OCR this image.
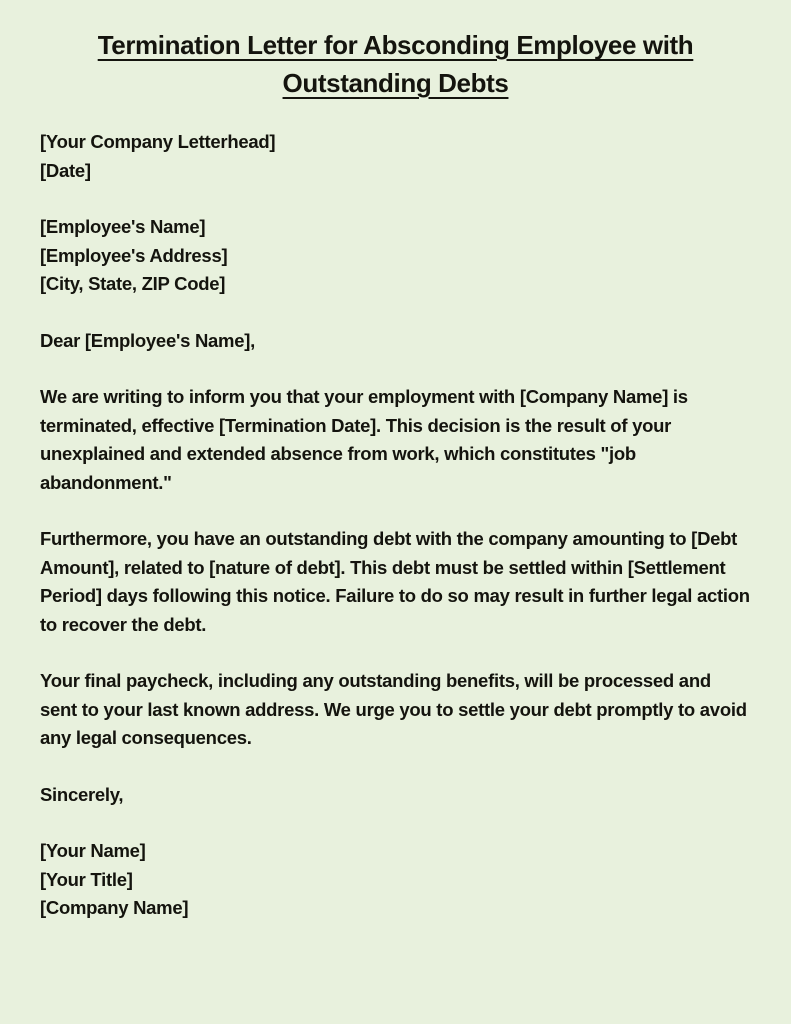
Termination Letter for Absconding Employee with Outstanding Debts

[Your Company Letterhead]

[Date]

[Employee's Name]

[Employee's Address]

[City, State, ZIP Code]

Dear [Employee's Name],

We are writing to inform you that your employment with [Company Name] is terminated, effective [Termination Date]. This decision is the result of your unexplained and extended absence from work, which constitutes "job abandonment."

Furthermore, you have an outstanding debt with the company amounting to [Debt Amount], related to [nature of debt]. This debt must be settled within [Settlement Period] days following this notice. Failure to do so may result in further legal action to recover the debt.

Your final paycheck, including any outstanding benefits, will be processed and sent to your last known address. We urge you to settle your debt promptly to avoid any legal consequences.

Sincerely,

[Your Name]

[Your Title]

[Company Name]
